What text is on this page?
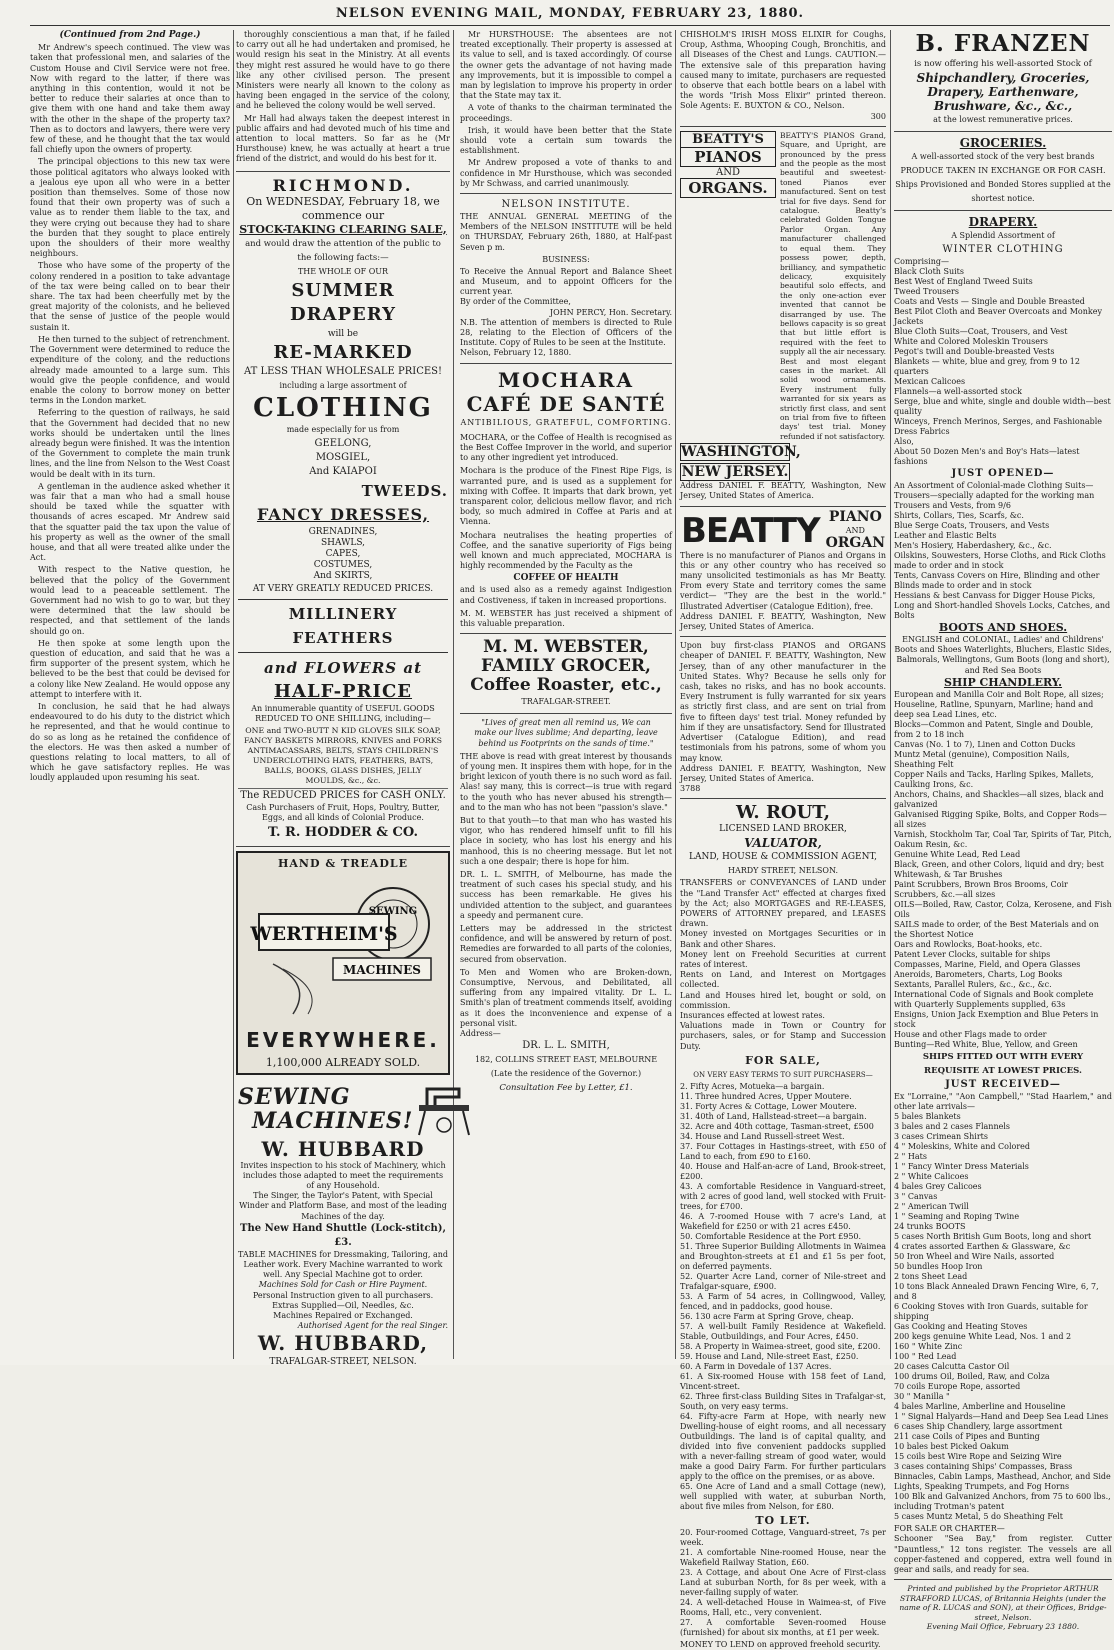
NELSON EVENING MAIL, MONDAY, FEBRUARY 23, 1880.
(Continued from 2nd Page.)

Mr Andrew's speech continued. The view was taken that professional men, and salaries of the Custom House and Civil Service were not free. Now with regard to the latter, if there was anything in this contention, would it not be better to reduce their salaries at once than to give them with one hand and take them away with the other in the shape of the property tax? Then as to doctors and lawyers, there were very few of these, and he thought that the tax would fall chiefly upon the owners of property.

The principal objections to this new tax were those political agitators who always looked with a jealous eye upon all who were in a better position than themselves. Some of those now found that their own property was of such a value as to render them liable to the tax, and they were crying out because they had to share the burden that they sought to place entirely upon the shoulders of their more wealthy neighbours.

Those who have some of the property of the colony rendered in a position to take advantage of the tax were being called on to bear their share. The tax had been cheerfully met by the great majority of the colonists, and he believed that the sense of justice of the people would sustain it.

He then turned to the subject of retrenchment. The Government were determined to reduce the expenditure of the colony, and the reductions already made amounted to a large sum. This would give the people confidence, and would enable the colony to borrow money on better terms in the London market.

Referring to the question of railways, he said that the Government had decided that no new works should be undertaken until the lines already begun were finished. It was the intention of the Government to complete the main trunk lines, and the line from Nelson to the West Coast would be dealt with in its turn.

A gentleman in the audience asked whether it was fair that a man who had a small house should be taxed while the squatter with thousands of acres escaped. Mr Andrew said that the squatter paid the tax upon the value of his property as well as the owner of the small house, and that all were treated alike under the Act.

With respect to the Native question, he believed that the policy of the Government would lead to a peaceable settlement. The Government had no wish to go to war, but they were determined that the law should be respected, and that settlement of the lands should go on.

He then spoke at some length upon the question of education, and said that he was a firm supporter of the present system, which he believed to be the best that could be devised for a colony like New Zealand. He would oppose any attempt to interfere with it.

In conclusion, he said that he had always endeavoured to do his duty to the district which he represented, and that he would continue to do so as long as he retained the confidence of the electors. He was then asked a number of questions relating to local matters, to all of which he gave satisfactory replies. He was loudly applauded upon resuming his seat.

thoroughly conscientious a man that, if he failed to carry out all he had undertaken and promised, he would resign his seat in the Ministry. At all events they might rest assured he would have to go there like any other civilised person. The present Ministers were nearly all known to the colony as having been engaged in the service of the colony, and he believed the colony would be well served.

Mr Hall had always taken the deepest interest in public affairs and had devoted much of his time and attention to local matters. So far as he (Mr Hursthouse) knew, he was actually at heart a true friend of the district, and would do his best for it.

RICHMOND.
On WEDNESDAY, February 18, we commence our
STOCK-TAKING CLEARING SALE,
and would draw the attention of the public to the following facts:—
THE WHOLE OF OUR
SUMMER DRAPERY
will be
RE-MARKED
AT LESS THAN WHOLESALE PRICES!
including a large assortment of
CLOTHING
made especially for us from
GEELONG,
MOSGIEL,
And KAIAPOI
TWEEDS.
FANCY DRESSES,
GRENADINES,
SHAWLS,
CAPES,
COSTUMES,
And SKIRTS,
AT VERY GREATLY REDUCED PRICES.
MILLINERY FEATHERS
and FLOWERS at
HALF-PRICE
An innumerable quantity of USEFUL GOODS REDUCED TO ONE SHILLING, including—
ONE and TWO-BUTT N KID GLOVES SILK SOAP, FANCY BASKETS MIRRORS, KNIVES and FORKS ANTIMACASSARS, BELTS, STAYS CHILDREN'S UNDERCLOTHING HATS, FEATHERS, BATS, BALLS, BOOKS, GLASS DISHES, JELLY MOULDS, &c., &c.
The REDUCED PRICES for CASH ONLY.
Cash Purchasers of Fruit, Hops, Poultry, Butter, Eggs, and all kinds of Colonial Produce.
T. R. HODDER & CO.
HAND & TREADLE
WERTHEIM'S
SEWING
MACHINES
EVERYWHERE.
1,100,000 ALREADY SOLD.
SEWING
MACHINES!
W. HUBBARD
Invites inspection to his stock of Machinery, which includes those adapted to meet the requirements of any Household.
The Singer, the Taylor's Patent, with Special Winder and Platform Base, and most of the leading Machines of the day.
The New Hand Shuttle (Lock-stitch), £3.
TABLE MACHINES for Dressmaking, Tailoring, and Leather work. Every Machine warranted to work well. Any Special Machine got to order.
Machines Sold for Cash or Hire Payment.
Personal Instruction given to all purchasers.
Extras Supplied—Oil, Needles, &c.
Machines Repaired or Exchanged.
Authorised Agent for the real Singer.
W. HUBBARD,
TRAFALGAR-STREET, NELSON.

Mr HURSTHOUSE: The absentees are not treated exceptionally. Their property is assessed at its value to sell, and is taxed accordingly. Of course the owner gets the advantage of not having made any improvements, but it is impossible to compel a man by legislation to improve his property in order that the State may tax it.

A vote of thanks to the chairman terminated the proceedings.

Irish, it would have been better that the State should vote a certain sum towards the establishment.

Mr Andrew proposed a vote of thanks to and confidence in Mr Hursthouse, which was seconded by Mr Schwass, and carried unanimously.

NELSON INSTITUTE.
THE ANNUAL GENERAL MEETING of the Members of the NELSON INSTITUTE will be held on THURSDAY, February 26th, 1880, at Half-past Seven p m.
BUSINESS:
To Receive the Annual Report and Balance Sheet and Museum, and to appoint Officers for the current year.
By order of the Committee,
JOHN PERCY, Hon. Secretary.
N.B. The attention of members is directed to Rule 28, relating to the Election of Officers of the Institute. Copy of Rules to be seen at the Institute.
Nelson, February 12, 1880.
MOCHARA
CAFÉ DE SANTÉ
ANTIBILIOUS, GRATEFUL, COMFORTING.
MOCHARA, or the Coffee of Health is recognised as the Best Coffee Improver in the world, and superior to any other ingredient yet introduced.
Mochara is the produce of the Finest Ripe Figs, is warranted pure, and is used as a supplement for mixing with Coffee. It imparts that dark brown, yet transparent color, delicious mellow flavor, and rich body, so much admired in Coffee at Paris and at Vienna.
Mochara neutralises the heating properties of Coffee, and the sanative superiority of Figs being well known and much appreciated, MOCHARA is highly recommended by the Faculty as the
COFFEE OF HEALTH
and is used also as a remedy against Indigestion and Costiveness, if taken in increased proportions.
M. M. WEBSTER has just received a shipment of this valuable preparation.
M. M. WEBSTER,
FAMILY GROCER,
Coffee Roaster, etc.,
TRAFALGAR-STREET.
"Lives of great men all remind us, We can make our lives sublime; And departing, leave behind us Footprints on the sands of time."
THE above is read with great interest by thousands of young men. It inspires them with hope, for in the bright lexicon of youth there is no such word as fail. Alas! say many, this is correct—is true with regard to the youth who has never abused his strength—and to the man who has not been "passion's slave."
But to that youth—to that man who has wasted his vigor, who has rendered himself unfit to fill his place in society, who has lost his energy and his manhood, this is no cheering message. But let not such a one despair; there is hope for him.
DR. L. L. SMITH, of Melbourne, has made the treatment of such cases his special study, and his success has been remarkable. He gives his undivided attention to the subject, and guarantees a speedy and permanent cure.
Letters may be addressed in the strictest confidence, and will be answered by return of post. Remedies are forwarded to all parts of the colonies, secured from observation.
To Men and Women who are Broken-down, Consumptive, Nervous, and Debilitated, all suffering from any impaired vitality. Dr L. L. Smith's plan of treatment commends itself, avoiding as it does the inconvenience and expense of a personal visit.
Address—
DR. L. L. SMITH,
182, COLLINS STREET EAST, MELBOURNE
(Late the residence of the Governor.)
Consultation Fee by Letter, £1.
CHISHOLM'S IRISH MOSS ELIXIR for Coughs, Croup, Asthma, Whooping Cough, Bronchitis, and all Diseases of the Chest and Lungs. CAUTION.—The extensive sale of this preparation having caused many to imitate, purchasers are requested to observe that each bottle bears on a label with the words "Irish Moss Elixir" printed thereon. Sole Agents: E. BUXTON & CO., Nelson.
300
BEATTY'S
PIANOS
AND
ORGANS.
BEATTY'S PIANOS Grand, Square, and Upright, are pronounced by the press and the people as the most beautiful and sweetest-toned Pianos ever manufactured. Sent on test trial for five days. Send for catalogue. Beatty's celebrated Golden Tongue Parlor Organ. Any manufacturer challenged to equal them. They possess power, depth, brilliancy, and sympathetic delicacy, exquisitely beautiful solo effects, and the only one-action ever invented that cannot be disarranged by use. The bellows capacity is so great that but little effort is required with the feet to supply all the air necessary. Best and most elegant cases in the market. All solid wood ornaments. Every instrument fully warranted for six years as strictly first class, and sent on trial from five to fifteen days' test trial. Money refunded if not satisfactory.
WASHINGTON,
NEW JERSEY.
Address DANIEL F. BEATTY, Washington, New Jersey, United States of America.
BEATTY PIANO
AND
ORGAN
There is no manufacturer of Pianos and Organs in this or any other country who has received so many unsolicited testimonials as has Mr Beatty. From every State and territory comes the same verdict— "They are the best in the world." Illustrated Advertiser (Catalogue Edition), free.
Address DANIEL F. BEATTY, Washington, New Jersey, United States of America.
Upon buy first-class PIANOS and ORGANS cheaper of DANIEL F. BEATTY, Washington, New Jersey, than of any other manufacturer in the United States. Why? Because he sells only for cash, takes no risks, and has no book accounts. Every Instrument is fully warranted for six years as strictly first class, and are sent on trial from five to fifteen days' test trial. Money refunded by him if they are unsatisfactory. Send for Illustrated Advertiser (Catalogue Edition), and read testimonials from his patrons, some of whom you may know.
Address DANIEL F. BEATTY, Washington, New Jersey, United States of America.
3788
W. ROUT,
LICENSED LAND BROKER,
VALUATOR,
LAND, HOUSE & COMMISSION AGENT,
HARDY STREET, NELSON.
TRANSFERS or CONVEYANCES of LAND under the "Land Transfer Act" effected at charges fixed by the Act; also MORTGAGES and RE-LEASES, POWERS of ATTORNEY prepared, and LEASES drawn.
Money invested on Mortgages Securities or in Bank and other Shares.
Money lent on Freehold Securities at current rates of interest.
Rents on Land, and Interest on Mortgages collected.
Land and Houses hired let, bought or sold, on commission.
Insurances effected at lowest rates.
Valuations made in Town or Country for purchasers, sales, or for Stamp and Succession Duty.
FOR SALE,
ON VERY EASY TERMS TO SUIT PURCHASERS—
2. Fifty Acres, Motueka—a bargain.
11. Three hundred Acres, Upper Moutere.
31. Forty Acres & Cottage, Lower Moutere.
31. 40th of Land, Hallstead-street—a bargain.
32. Acre and 40th cottage, Tasman-street, £500
34. House and Land Russell-street West.
37. Four Cottages in Hastings-street, with £50 of Land to each, from £90 to £160.
40. House and Half-an-acre of Land, Brook-street, £200.
43. A comfortable Residence in Vanguard-street, with 2 acres of good land, well stocked with Fruit-trees, for £700.
46. A 7-roomed House with 7 acre's Land, at Wakefield for £250 or with 21 acres £450.
50. Comfortable Residence at the Port £950.
51. Three Superior Building Allotments in Waimea and Broughton-streets at £1 and £1 5s per foot, on deferred payments.
52. Quarter Acre Land, corner of Nile-street and Trafalgar-square, £900.
53. A Farm of 54 acres, in Collingwood, Valley, fenced, and in paddocks, good house.
56. 130 acre Farm at Spring Grove, cheap.
57. A well-built Family Residence at Wakefield. Stable, Outbuildings, and Four Acres, £450.
58. A Property in Waimea-street, good site, £200.
59. House and Land, Nile-street East, £250.
60. A Farm in Dovedale of 137 Acres.
61. A Six-roomed House with 158 feet of Land, Vincent-street.
62. Three first-class Building Sites in Trafalgar-st, South, on very easy terms.
64. Fifty-acre Farm at Hope, with nearly new Dwelling-house of eight rooms, and all necessary Outbuildings. The land is of capital quality, and divided into five convenient paddocks supplied with a never-failing stream of good water, would make a good Dairy Farm. For further particulars apply to the office on the premises, or as above.
65. One Acre of Land and a small Cottage (new), well supplied with water, at suburban North, about five miles from Nelson, for £80.
TO LET.
20. Four-roomed Cottage, Vanguard-street, 7s per week.
21. A comfortable Nine-roomed House, near the Wakefield Railway Station, £60.
23. A Cottage, and about One Acre of First-class Land at suburban North, for 8s per week, with a never-failing supply of water.
24. A well-detached House in Waimea-st, of Five Rooms, Hall, etc., very convenient.
27. A comfortable Seven-roomed House (furnished) for about six months, at £1 per week.
MONEY TO LEND on approved freehold security.
B. FRANZEN
is now offering his well-assorted Stock of
Shipchandlery, Groceries, Drapery, Earthenware, Brushware, &c., &c.,
at the lowest remunerative prices.
GROCERIES.
A well-assorted stock of the very best brands
PRODUCE TAKEN IN EXCHANGE OR FOR CASH.
Ships Provisioned and Bonded Stores supplied at the shortest notice.
DRAPERY.
A Splendid Assortment of
WINTER CLOTHING
Comprising—
Black Cloth Suits
Best West of England Tweed Suits
Tweed Trousers
Coats and Vests — Single and Double Breasted
Best Pilot Cloth and Beaver Overcoats and Monkey Jackets
Blue Cloth Suits—Coat, Trousers, and Vest
White and Colored Moleskin Trousers
Pegot's twill and Double-breasted Vests
Blankets — white, blue and grey, from 9 to 12 quarters
Mexican Calicoes
Flannels—a well-assorted stock
Serge, blue and white, single and double width—best quality
Winceys, French Merinos, Serges, and Fashionable Dress Fabrics
Also,
About 50 Dozen Men's and Boy's Hats—latest fashions
JUST OPENED—
An Assortment of Colonial-made Clothing Suits—Trousers—specially adapted for the working man
Trousers and Vests, from 9/6
Shirts, Collars, Ties, Scarfs, &c.
Blue Serge Coats, Trousers, and Vests
Leather and Elastic Belts
Men's Hosiery, Haberdashery, &c., &c.
Oilskins, Souwesters, Horse Cloths, and Rick Cloths made to order and in stock
Tents, Canvass Covers on Hire, Blinding and other Blinds made to order and in stock
Hessians & best Canvass for Digger House Picks, Long and Short-handled Shovels Locks, Catches, and Bolts
BOOTS AND SHOES.
ENGLISH and COLONIAL, Ladies' and Childrens' Boots and Shoes Waterlights, Bluchers, Elastic Sides, Balmorals, Wellingtons, Gum Boots (long and short), and Red Sea Boots
SHIP CHANDLERY.
European and Manilla Coir and Bolt Rope, all sizes; Houseline, Ratline, Spunyarn, Marline; hand and deep sea Lead Lines, etc.
Blocks—Common and Patent, Single and Double, from 2 to 18 inch
Canvas (No. 1 to 7), Linen and Cotton Ducks
Muntz Metal (genuine), Composition Nails, Sheathing Felt
Copper Nails and Tacks, Harling Spikes, Mallets, Caulking Irons, &c.
Anchors, Chains, and Shackles—all sizes, black and galvanized
Galvanised Rigging Spike, Bolts, and Copper Rods—all sizes
Varnish, Stockholm Tar, Coal Tar, Spirits of Tar, Pitch, Oakum Resin, &c.
Genuine White Lead, Red Lead
Black, Green, and other Colors, liquid and dry; best Whitewash, & Tar Brushes
Paint Scrubbers, Brown Bros Brooms, Coir Scrubbers, &c.—all sizes
OILS—Boiled, Raw, Castor, Colza, Kerosene, and Fish Oils
SAILS made to order, of the Best Materials and on the Shortest Notice
Oars and Rowlocks, Boat-hooks, etc.
Patent Lever Clocks, suitable for ships
Compasses, Marine, Field, and Opera Glasses
Aneroids, Barometers, Charts, Log Books
Sextants, Parallel Rulers, &c., &c., &c.
International Code of Signals and Book complete with Quarterly Supplements supplied, 63s
Ensigns, Union Jack Exemption and Blue Peters in stock
House and other Flags made to order
Bunting—Red White, Blue, Yellow, and Green
SHIPS FITTED OUT WITH EVERY REQUISITE AT LOWEST PRICES.
JUST RECEIVED—
Ex "Lorraine," "Aon Campbell," "Stad Haarlem," and other late arrivals—
5 bales Blankets
3 bales and 2 cases Flannels
3 cases Crimean Shirts
4 " Moleskins, White and Colored
2 " Hats
1 " Fancy Winter Dress Materials
2 " White Calicoes
4 bales Grey Calicoes
3 " Canvas
2 " American Twill
1 " Seaming and Roping Twine
24 trunks BOOTS
5 cases North British Gum Boots, long and short
4 crates assorted Earthen & Glassware, &c
50 Iron Wheel and Wire Nails, assorted
50 bundles Hoop Iron
2 tons Sheet Lead
10 tons Black Annealed Drawn Fencing Wire, 6, 7, and 8
6 Cooking Stoves with Iron Guards, suitable for shipping
Gas Cooking and Heating Stoves
200 kegs genuine White Lead, Nos. 1 and 2
160 " White Zinc
100 " Red Lead
20 cases Calcutta Castor Oil
100 drums Oil, Boiled, Raw, and Colza
70 coils Europe Rope, assorted
30 " Manilla "
4 bales Marline, Amberline and Houseline
1 " Signal Halyards—Hand and Deep Sea Lead Lines
6 cases Ship Chandlery, large assortment
211 case Coils of Pipes and Bunting
10 bales best Picked Oakum
15 coils best Wire Rope and Seizing Wire
3 cases containing Ships' Compasses, Brass Binnacles, Cabin Lamps, Masthead, Anchor, and Side Lights, Speaking Trumpets, and Fog Horns
100 Blk and Galvanized Anchors, from 75 to 600 lbs., including Trotman's patent
5 cases Muntz Metal, 5 do Sheathing Felt
FOR SALE OR CHARTER—
Schooner "Sea Bay," from register. Cutter "Dauntless," 12 tons register. The vessels are all copper-fastened and coppered, extra well found in gear and sails, and ready for sea.
Printed and published by the Proprietor ARTHUR STRAFFORD LUCAS, of Britannia Heights (under the name of R. LUCAS and SON), at their Offices, Bridge-street, Nelson.
Evening Mail Office, February 23 1880.
